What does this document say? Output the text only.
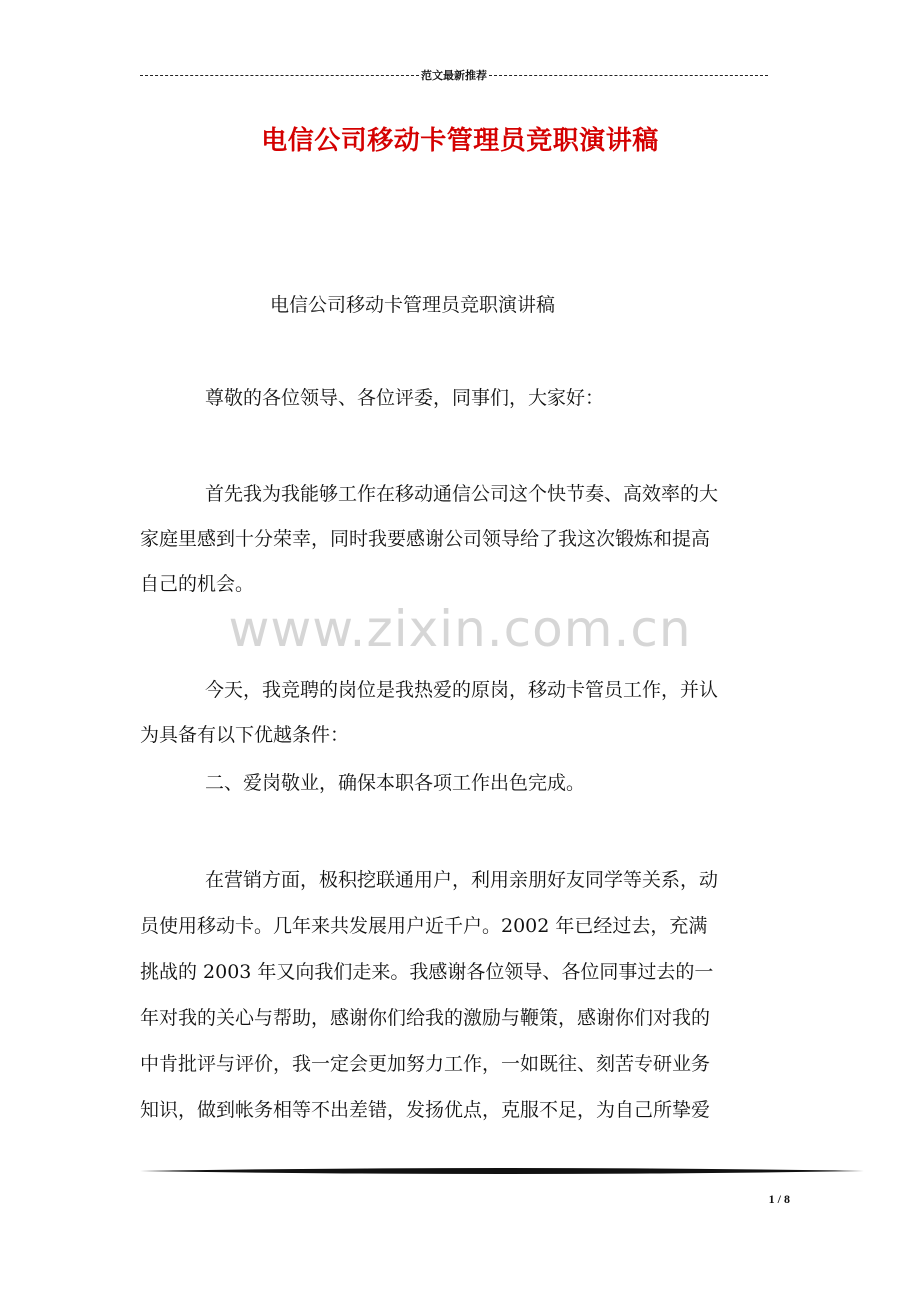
范文最新推荐
电信公司移动卡管理员竞职演讲稿
电信公司移动卡管理员竞职演讲稿
尊敬的各位领导、各位评委，同事们，大家好：
首先我为我能够工作在移动通信公司这个快节奏、高效率的大
家庭里感到十分荣幸，同时我要感谢公司领导给了我这次锻炼和提高
自己的机会。
www.zixin.com.cn
今天，我竞聘的岗位是我热爱的原岗，移动卡管员工作，并认
为具备有以下优越条件：
二、爱岗敬业，确保本职各项工作出色完成。
在营销方面，极积挖联通用户，利用亲朋好友同学等关系，动
员使用移动卡。几年来共发展用户近千户。2002 年已经过去，充满
挑战的 2003 年又向我们走来。我感谢各位领导、各位同事过去的一
年对我的关心与帮助，感谢你们给我的激励与鞭策，感谢你们对我的
中肯批评与评价，我一定会更加努力工作，一如既往、刻苦专研业务
知识，做到帐务相等不出差错，发扬优点，克服不足，为自己所挚爱
1 / 8
